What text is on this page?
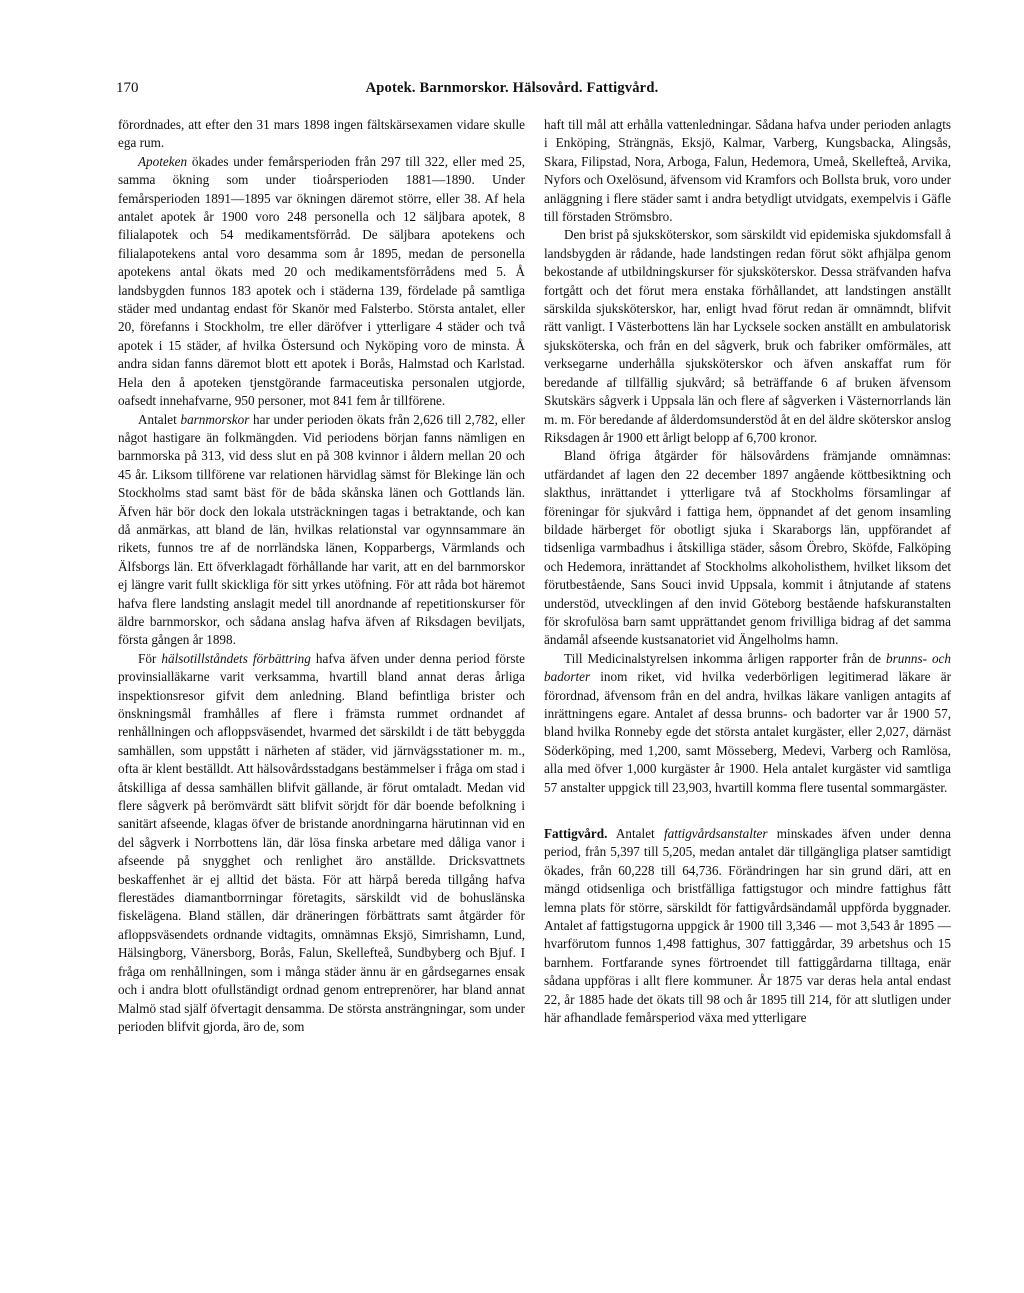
170	Apotek. Barnmorskor. Hälsovård. Fattigvård.

förordnades, att efter den 31 mars 1898 ingen fältskärsexamen vidare skulle ega rum.

Apoteken ökades under femårsperioden från 297 till 322, eller med 25, samma ökning som under tioårsperioden 1881—1890. Under femårsperioden 1891—1895 var ökningen däremot större, eller 38. Af hela antalet apotek år 1900 voro 248 personella och 12 säljbara apotek, 8 filialapotek och 54 medikamentsförråd. De säljbara apotekens och filialapotekens antal voro desamma som år 1895, medan de personella apotekens antal ökats med 20 och medikamentsförrådens med 5. Å landsbygden funnos 183 apotek och i städerna 139, fördelade på samtliga städer med undantag endast för Skanör med Falsterbo. Största antalet, eller 20, förefanns i Stockholm, tre eller däröfver i ytterligare 4 städer och två apotek i 15 städer, af hvilka Östersund och Nyköping voro de minsta. Å andra sidan fanns däremot blott ett apotek i Borås, Halmstad och Karlstad. Hela den å apoteken tjenstgörande farmaceutiska personalen utgjorde, oafsedt innehafvarne, 950 personer, mot 841 fem år tillförene.

Antalet barnmorskor har under perioden ökats från 2,626 till 2,782, eller något hastigare än folkmängden. Vid periodens början fanns nämligen en barnmorska på 313, vid dess slut en på 308 kvinnor i åldern mellan 20 och 45 år. Liksom tillförene var relationen härvidlag sämst för Blekinge län och Stockholms stad samt bäst för de båda skånska länen och Gottlands län. Äfven här bör dock den lokala utsträckningen tagas i betraktande, och kan då anmärkas, att bland de län, hvilkas relationstal var ogynnsammare än rikets, funnos tre af de norrländska länen, Kopparbergs, Värmlands och Älfsborgs län. Ett öfverklagadt förhållande har varit, att en del barnmorskor ej längre varit fullt skickliga för sitt yrkes utöfning. För att råda bot häremot hafva flere landsting anslagit medel till anordnande af repetitionskurser för äldre barnmorskor, och sådana anslag hafva äfven af Riksdagen beviljats, första gången år 1898.

För hälsotillståndets förbättring hafva äfven under denna period förste provinsialläkarne varit verksamma, hvartill bland annat deras årliga inspektionsresor gifvit dem anledning. Bland befintliga brister och önskningsmål framhålles af flere i främsta rummet ordnandet af renhållningen och afloppsväsendet, hvarmed det särskildt i de tätt bebyggda samhällen, som uppstått i närheten af städer, vid järnvägsstationer m. m., ofta är klent beställdt. Att hälsovårdsstadgans bestämmelser i fråga om stad i åtskilliga af dessa samhällen blifvit gällande, är förut omtaladt. Medan vid flere sågverk på berömvärdt sätt blifvit sörjdt för där boende befolkning i sanitärt afseende, klagas öfver de bristande anordningarna härutinnan vid en del sågverk i Norrbottens län, där lösa finska arbetare med dåliga vanor i afseende på snygghet och renlighet äro anställde. Dricksvattnets beskaffenhet är ej alltid det bästa. För att härpå bereda tillgång hafva flerestädes diamantborrningar företagits, särskildt vid de bohuslänska fiskelägena. Bland ställen, där dräneringen förbättrats samt åtgärder för afloppsväsendets ordnande vidtagits, omnämnas Eksjö, Simrishamn, Lund, Hälsingborg, Vänersborg, Borås, Falun, Skellefteå, Sundbyberg och Bjuf. I fråga om renhållningen, som i många städer ännu är en gårdsegarnes ensak och i andra blott ofullständigt ordnad genom entreprenörer, har bland annat Malmö stad själf öfvertagit densamma. De största ansträngningar, som under perioden blifvit gjorda, äro de, som

haft till mål att erhålla vattenledningar. Sådana hafva under perioden anlagts i Enköping, Strängnäs, Eksjö, Kalmar, Varberg, Kungsbacka, Alingsås, Skara, Filipstad, Nora, Arboga, Falun, Hedemora, Umeå, Skellefteå, Arvika, Nyfors och Oxelösund, äfvensom vid Kramfors och Bollsta bruk, voro under anläggning i flere städer samt i andra betydligt utvidgats, exempelvis i Gäfle till förstaden Strömsbro.

Den brist på sjuksköterskor, som särskildt vid epidemiska sjukdomsfall å landsbygden är rådande, hade landstingen redan förut sökt afhjälpa genom bekostande af utbildningskurser för sjuksköterskor. Dessa sträfvanden hafva fortgått och det förut mera enstaka förhållandet, att landstingen anställt särskilda sjuksköterskor, har, enligt hvad förut redan är omnämndt, blifvit rätt vanligt. I Västerbottens län har Lycksele socken anställt en ambulatorisk sjuksköterska, och från en del sågverk, bruk och fabriker omförmäles, att verksegarne underhålla sjuksköterskor och äfven anskaffat rum för beredande af tillfällig sjukvård; så beträffande 6 af bruken äfvensom Skutskärs sågverk i Uppsala län och flere af sågverken i Västernorrlands län m. m. För beredande af ålderdomsunderstöd åt en del äldre sköterskor anslog Riksdagen år 1900 ett årligt belopp af 6,700 kronor.

Bland öfriga åtgärder för hälsovårdens främjande omnämnas: utfärdandet af lagen den 22 december 1897 angående köttbesiktning och slakthus, inrättandet i ytterligare två af Stockholms församlingar af föreningar för sjukvård i fattiga hem, öppnandet af det genom insamling bildade härberget för obotligt sjuka i Skaraborgs län, uppförandet af tidsenliga varmbadhus i åtskilliga städer, såsom Örebro, Sköfde, Falköping och Hedemora, inrättandet af Stockholms alkoholisthem, hvilket liksom det förutbestående, Sans Souci invid Uppsala, kommit i åtnjutande af statens understöd, utvecklingen af den invid Göteborg bestående hafskuranstalten för skrofulösa barn samt upprättandet genom frivilliga bidrag af det samma ändamål afseende kustsanatoriet vid Ängelholms hamn.

Till Medicinalstyrelsen inkomma årligen rapporter från de brunns- och badorter inom riket, vid hvilka vederbörligen legitimerad läkare är förordnad, äfvensom från en del andra, hvilkas läkare vanligen antagits af inrättningens egare. Antalet af dessa brunns- och badorter var år 1900 57, bland hvilka Ronneby egde det största antalet kurgäster, eller 2,027, därnäst Söderköping, med 1,200, samt Mösseberg, Medevi, Varberg och Ramlösa, alla med öfver 1,000 kurgäster år 1900. Hela antalet kurgäster vid samtliga 57 anstalter uppgick till 23,903, hvartill komma flere tusental sommargäster.

Fattigvård. Antalet fattigvårdsanstalter minskades äfven under denna period, från 5,397 till 5,205, medan antalet där tillgängliga platser samtidigt ökades, från 60,228 till 64,736. Förändringen har sin grund däri, att en mängd otidsenliga och bristfälliga fattigstugor och mindre fattighus fått lemna plats för större, särskildt för fattigvårdsändamål uppförda byggnader. Antalet af fattigstugorna uppgick år 1900 till 3,346 — mot 3,543 år 1895 — hvarförutom funnos 1,498 fattighus, 307 fattiggårdar, 39 arbetshus och 15 barnhem. Fortfarande synes förtroendet till fattiggårdarna tilltaga, enär sådana uppföras i allt flere kommuner. År 1875 var deras hela antal endast 22, år 1885 hade det ökats till 98 och år 1895 till 214, för att slutligen under här afhandlade femårsperiod växa med ytterligare
